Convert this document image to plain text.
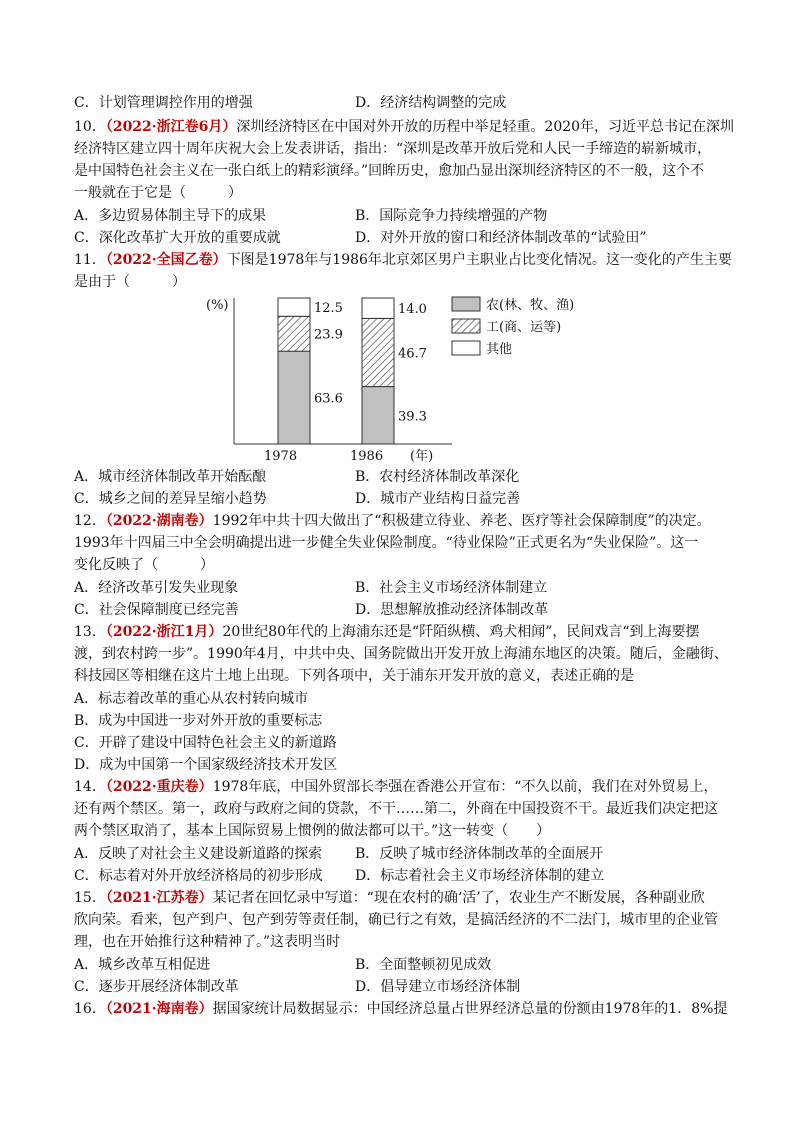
C．计划管理调控作用的增强	D．经济结构调整的完成
10．（2022·浙江卷6月）深圳经济特区在中国对外开放的历程中举足轻重。2020年，习近平总书记在深圳
经济特区建立四十周年庆祝大会上发表讲话，指出：“深圳是改革开放后党和人民一手缔造的崭新城市，
是中国特色社会主义在一张白纸上的精彩演绎。”回眸历史，愈加凸显出深圳经济特区的不一般，这个不
一般就在于它是（　　　）
A．多边贸易体制主导下的成果	B．国际竞争力持续增强的产物
C．深化改革扩大开放的重要成就	D．对外开放的窗口和经济体制改革的“试验田”
11．（2022·全国乙卷）下图是1978年与1986年北京郊区男户主职业占比变化情况。这一变化的产生主要
是由于（　　　）
(%)
63.6
23.9
12.5
39.3
46.7
14.0
1978	1986 (年)
农(林、牧、渔)
工(商、运等)
其他
A．城市经济体制改革开始酝酿	B．农村经济体制改革深化
C．城乡之间的差异呈缩小趋势	D．城市产业结构日益完善
12．（2022·湖南卷）1992年中共十四大做出了“积极建立待业、养老、医疗等社会保障制度”的决定。
1993年十四届三中全会明确提出进一步健全失业保险制度。“待业保险”正式更名为“失业保险”。这一
变化反映了（　　　）
A．经济改革引发失业现象	B．社会主义市场经济体制建立
C．社会保障制度已经完善	D．思想解放推动经济体制改革
13．（2022·浙江1月）20世纪80年代的上海浦东还是“阡陌纵横、鸡犬相闻”，民间戏言“到上海要摆
渡，到农村跨一步”。1990年4月，中共中央、国务院做出开发开放上海浦东地区的决策。随后，金融街、
科技园区等相继在这片土地上出现。下列各项中，关于浦东开发开放的意义，表述正确的是
A．标志着改革的重心从农村转向城市
B．成为中国进一步对外开放的重要标志
C．开辟了建设中国特色社会主义的新道路
D．成为中国第一个国家级经济技术开发区
14．（2022·重庆卷）1978年底，中国外贸部长李强在香港公开宣布：“不久以前，我们在对外贸易上，
还有两个禁区。第一，政府与政府之间的贷款，不干……第二，外商在中国投资不干。最近我们决定把这
两个禁区取消了，基本上国际贸易上惯例的做法都可以干。”这一转变（　　）
A．反映了对社会主义建设新道路的探索 B．反映了城市经济体制改革的全面展开
C．标志着对外开放经济格局的初步形成 D．标志着社会主义市场经济体制的建立
15．（2021·江苏卷）某记者在回忆录中写道：“现在农村的确‘活’了，农业生产不断发展，各种副业欣
欣向荣。看来，包产到户、包产到劳等责任制，确已行之有效，是搞活经济的不二法门，城市里的企业管
理，也在开始推行这种精神了。”这表明当时
A．城乡改革互相促进	B．全面整顿初见成效
C．逐步开展经济体制改革	D．倡导建立市场经济体制
16．（2021·海南卷）据国家统计局数据显示：中国经济总量占世界经济总量的份额由1978年的1．8%提
